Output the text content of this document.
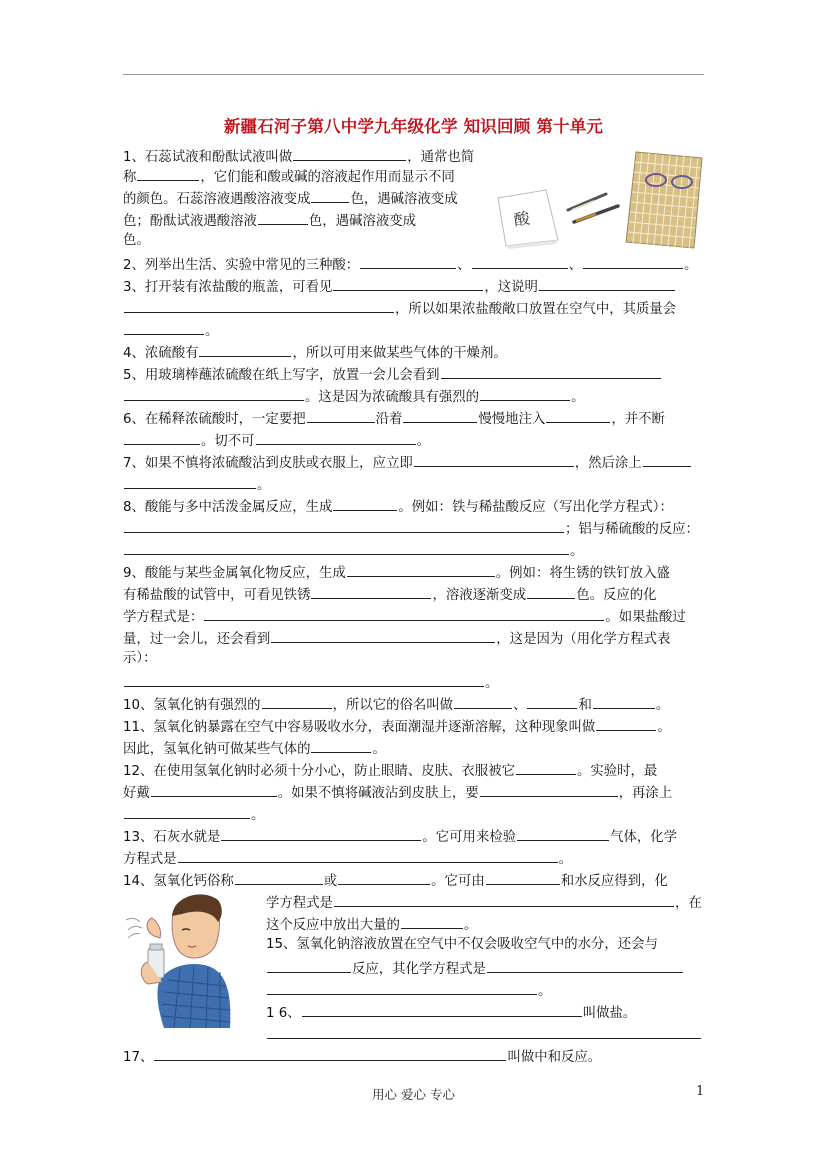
新疆石河子第八中学九年级化学 知识回顾 第十单元
酸
1、石蕊试液和酚酞试液叫做	，通常也简
称	，它们能和酸或碱的溶液起作用而显示不同
的颜色。石蕊溶液遇酸溶液变成	色，遇碱溶液变成
色；酚酞试液遇酸溶液	色，遇碱溶液变成
色。
2、列举出生活、实验中常见的三种酸：	、	、	。
3、打开装有浓盐酸的瓶盖，可看见	，这说明
，所以如果浓盐酸敞口放置在空气中，其质量会
。
4、浓硫酸有	，所以可用来做某些气体的干燥剂。
5、用玻璃棒蘸浓硫酸在纸上写字，放置一会儿会看到
。这是因为浓硫酸具有强烈的	。
6、在稀释浓硫酸时，一定要把	沿着	慢慢地注入	，并不断
。切不可	。
7、如果不慎将浓硫酸沾到皮肤或衣服上，应立即	，然后涂上
。
8、酸能与多中活泼金属反应，生成	。例如：铁与稀盐酸反应（写出化学方程式）：
；铝与稀硫酸的反应：
。
9、酸能与某些金属氧化物反应，生成	。例如：将生锈的铁钉放入盛
有稀盐酸的试管中，可看见铁锈	，溶液逐渐变成	色。反应的化
学方程式是：	。如果盐酸过
量，过一会儿，还会看到	，这是因为（用化学方程式表
示）：
。
10、氢氧化钠有强烈的	，所以它的俗名叫做	、	和	。
11、氢氧化钠暴露在空气中容易吸收水分，表面潮湿并逐渐溶解，这种现象叫做	。
因此，氢氧化钠可做某些气体的	。
12、在使用氢氧化钠时必须十分小心，防止眼睛、皮肤、衣服被它	。实验时，最
好戴	。如果不慎将碱液沾到皮肤上，要	，再涂上
。
13、石灰水就是	。它可用来检验	气体，化学
方程式是	。
14、氢氧化钙俗称	或	。它可由	和水反应得到，化
学方程式是	，在
这个反应中放出大量的	。
15、氢氧化钠溶液放置在空气中不仅会吸收空气中的水分，还会与
反应，其化学方程式是
。
1 6、	叫做盐。
17、	叫做中和反应。
用心 爱心 专心	1
